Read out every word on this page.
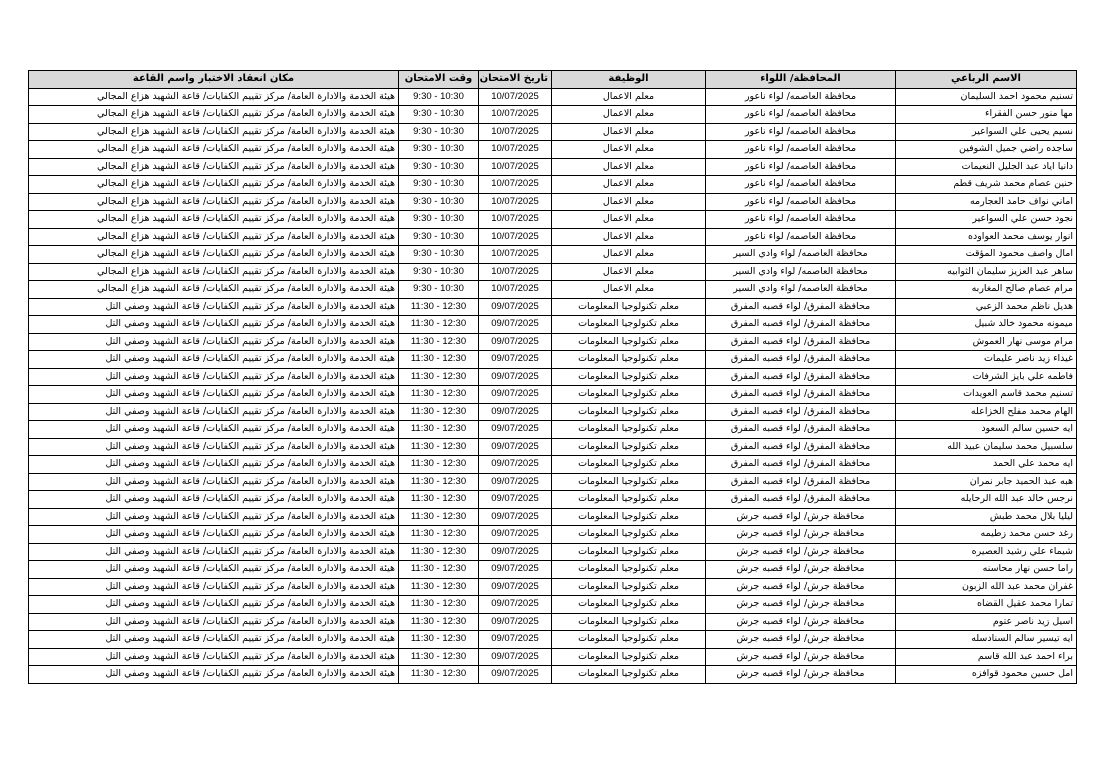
الاسم الرباعي	المحافظة/ اللواء	الوظيفة	تاريخ الامتحان	وقت الامتحان	مكان انعقاد الاختبار واسم القاعة
تسنيم محمود احمد السليمان	محافظة العاصمه/ لواء ناعور	معلم الاعمال	10/07/2025	9:30 - 10:30	هيئة الخدمة والادارة العامة/ مركز تقييم الكفايات/ قاعة الشهيد هزاع المجالي
مها منور حسن الفقراء	محافظة العاصمه/ لواء ناعور	معلم الاعمال	10/07/2025	9:30 - 10:30	هيئة الخدمة والادارة العامة/ مركز تقييم الكفايات/ قاعة الشهيد هزاع المجالي
نسيم يحيى علي السواعير	محافظة العاصمه/ لواء ناعور	معلم الاعمال	10/07/2025	9:30 - 10:30	هيئة الخدمة والادارة العامة/ مركز تقييم الكفايات/ قاعة الشهيد هزاع المجالي
ساجده راضي جميل الشوفين	محافظة العاصمه/ لواء ناعور	معلم الاعمال	10/07/2025	9:30 - 10:30	هيئة الخدمة والادارة العامة/ مركز تقييم الكفايات/ قاعة الشهيد هزاع المجالي
دانيا اياد عبد الجليل النعيمات	محافظة العاصمه/ لواء ناعور	معلم الاعمال	10/07/2025	9:30 - 10:30	هيئة الخدمة والادارة العامة/ مركز تقييم الكفايات/ قاعة الشهيد هزاع المجالي
حنين عصام محمد شريف قطم	محافظة العاصمه/ لواء ناعور	معلم الاعمال	10/07/2025	9:30 - 10:30	هيئة الخدمة والادارة العامة/ مركز تقييم الكفايات/ قاعة الشهيد هزاع المجالي
اماني نواف حامد العجارمه	محافظة العاصمه/ لواء ناعور	معلم الاعمال	10/07/2025	9:30 - 10:30	هيئة الخدمة والادارة العامة/ مركز تقييم الكفايات/ قاعة الشهيد هزاع المجالي
نجود حسن علي السواعير	محافظة العاصمه/ لواء ناعور	معلم الاعمال	10/07/2025	9:30 - 10:30	هيئة الخدمة والادارة العامة/ مركز تقييم الكفايات/ قاعة الشهيد هزاع المجالي
انوار يوسف محمد العواوده	محافظة العاصمه/ لواء ناعور	معلم الاعمال	10/07/2025	9:30 - 10:30	هيئة الخدمة والادارة العامة/ مركز تقييم الكفايات/ قاعة الشهيد هزاع المجالي
امال واصف محمود المؤقت	محافظة العاصمه/ لواء وادي السير	معلم الاعمال	10/07/2025	9:30 - 10:30	هيئة الخدمة والادارة العامة/ مركز تقييم الكفايات/ قاعة الشهيد هزاع المجالي
ساهر عبد العزيز سليمان الثوابيه	محافظة العاصمه/ لواء وادي السير	معلم الاعمال	10/07/2025	9:30 - 10:30	هيئة الخدمة والادارة العامة/ مركز تقييم الكفايات/ قاعة الشهيد هزاع المجالي
مرام عصام صالح المغاربه	محافظة العاصمه/ لواء وادي السير	معلم الاعمال	10/07/2025	9:30 - 10:30	هيئة الخدمة والادارة العامة/ مركز تقييم الكفايات/ قاعة الشهيد هزاع المجالي
هديل ناظم محمد الزعبي	محافظة المفرق/ لواء قصبه المفرق	معلم تكنولوجيا المعلومات	09/07/2025	11:30 - 12:30	هيئة الخدمة والادارة العامة/ مركز تقييم الكفايات/ قاعة الشهيد وصفي التل
ميمونه محمود خالد شبيل	محافظة المفرق/ لواء قصبه المفرق	معلم تكنولوجيا المعلومات	09/07/2025	11:30 - 12:30	هيئة الخدمة والادارة العامة/ مركز تقييم الكفايات/ قاعة الشهيد وصفي التل
مرام موسى نهار العموش	محافظة المفرق/ لواء قصبه المفرق	معلم تكنولوجيا المعلومات	09/07/2025	11:30 - 12:30	هيئة الخدمة والادارة العامة/ مركز تقييم الكفايات/ قاعة الشهيد وصفي التل
غيداء زيد ناصر عليمات	محافظة المفرق/ لواء قصبه المفرق	معلم تكنولوجيا المعلومات	09/07/2025	11:30 - 12:30	هيئة الخدمة والادارة العامة/ مركز تقييم الكفايات/ قاعة الشهيد وصفي التل
فاطمه علي بايز الشرفات	محافظة المفرق/ لواء قصبه المفرق	معلم تكنولوجيا المعلومات	09/07/2025	11:30 - 12:30	هيئة الخدمة والادارة العامة/ مركز تقييم الكفايات/ قاعة الشهيد وصفي التل
تسنيم محمد قاسم العويدات	محافظة المفرق/ لواء قصبه المفرق	معلم تكنولوجيا المعلومات	09/07/2025	11:30 - 12:30	هيئة الخدمة والادارة العامة/ مركز تقييم الكفايات/ قاعة الشهيد وصفي التل
الهام محمد مفلح الخزاعله	محافظة المفرق/ لواء قصبه المفرق	معلم تكنولوجيا المعلومات	09/07/2025	11:30 - 12:30	هيئة الخدمة والادارة العامة/ مركز تقييم الكفايات/ قاعة الشهيد وصفي التل
ايه حسين سالم السعود	محافظة المفرق/ لواء قصبه المفرق	معلم تكنولوجيا المعلومات	09/07/2025	11:30 - 12:30	هيئة الخدمة والادارة العامة/ مركز تقييم الكفايات/ قاعة الشهيد وصفي التل
سلسبيل محمد سليمان عبيد الله	محافظة المفرق/ لواء قصبه المفرق	معلم تكنولوجيا المعلومات	09/07/2025	11:30 - 12:30	هيئة الخدمة والادارة العامة/ مركز تقييم الكفايات/ قاعة الشهيد وصفي التل
ايه محمد علي الحمد	محافظة المفرق/ لواء قصبه المفرق	معلم تكنولوجيا المعلومات	09/07/2025	11:30 - 12:30	هيئة الخدمة والادارة العامة/ مركز تقييم الكفايات/ قاعة الشهيد وصفي التل
هبه عبد الحميد جابر نمران	محافظة المفرق/ لواء قصبه المفرق	معلم تكنولوجيا المعلومات	09/07/2025	11:30 - 12:30	هيئة الخدمة والادارة العامة/ مركز تقييم الكفايات/ قاعة الشهيد وصفي التل
نرجس خالد عبد الله الرحايله	محافظة المفرق/ لواء قصبه المفرق	معلم تكنولوجيا المعلومات	09/07/2025	11:30 - 12:30	هيئة الخدمة والادارة العامة/ مركز تقييم الكفايات/ قاعة الشهيد وصفي التل
ليليا بلال محمد طبش	محافظة جرش/ لواء قصبه جرش	معلم تكنولوجيا المعلومات	09/07/2025	11:30 - 12:30	هيئة الخدمة والادارة العامة/ مركز تقييم الكفايات/ قاعة الشهيد وصفي التل
رغد حسن محمد زطيمه	محافظة جرش/ لواء قصبه جرش	معلم تكنولوجيا المعلومات	09/07/2025	11:30 - 12:30	هيئة الخدمة والادارة العامة/ مركز تقييم الكفايات/ قاعة الشهيد وصفي التل
شيماء علي رشيد العصيره	محافظة جرش/ لواء قصبه جرش	معلم تكنولوجيا المعلومات	09/07/2025	11:30 - 12:30	هيئة الخدمة والادارة العامة/ مركز تقييم الكفايات/ قاعة الشهيد وصفي التل
راما حسن نهار محاسنه	محافظة جرش/ لواء قصبه جرش	معلم تكنولوجيا المعلومات	09/07/2025	11:30 - 12:30	هيئة الخدمة والادارة العامة/ مركز تقييم الكفايات/ قاعة الشهيد وصفي التل
غفران محمد عبد الله الزبون	محافظة جرش/ لواء قصبه جرش	معلم تكنولوجيا المعلومات	09/07/2025	11:30 - 12:30	هيئة الخدمة والادارة العامة/ مركز تقييم الكفايات/ قاعة الشهيد وصفي التل
تمارا محمد عقيل القضاه	محافظة جرش/ لواء قصبه جرش	معلم تكنولوجيا المعلومات	09/07/2025	11:30 - 12:30	هيئة الخدمة والادارة العامة/ مركز تقييم الكفايات/ قاعة الشهيد وصفي التل
اسيل زيد ناصر عتوم	محافظة جرش/ لواء قصبه جرش	معلم تكنولوجيا المعلومات	09/07/2025	11:30 - 12:30	هيئة الخدمة والادارة العامة/ مركز تقييم الكفايات/ قاعة الشهيد وصفي التل
ايه تيسير سالم السنادسله	محافظة جرش/ لواء قصبه جرش	معلم تكنولوجيا المعلومات	09/07/2025	11:30 - 12:30	هيئة الخدمة والادارة العامة/ مركز تقييم الكفايات/ قاعة الشهيد وصفي التل
براء احمد عبد الله قاسم	محافظة جرش/ لواء قصبه جرش	معلم تكنولوجيا المعلومات	09/07/2025	11:30 - 12:30	هيئة الخدمة والادارة العامة/ مركز تقييم الكفايات/ قاعة الشهيد وصفي التل
امل حسين محمود قوافزه	محافظة جرش/ لواء قصبه جرش	معلم تكنولوجيا المعلومات	09/07/2025	11:30 - 12:30	هيئة الخدمة والادارة العامة/ مركز تقييم الكفايات/ قاعة الشهيد وصفي التل
